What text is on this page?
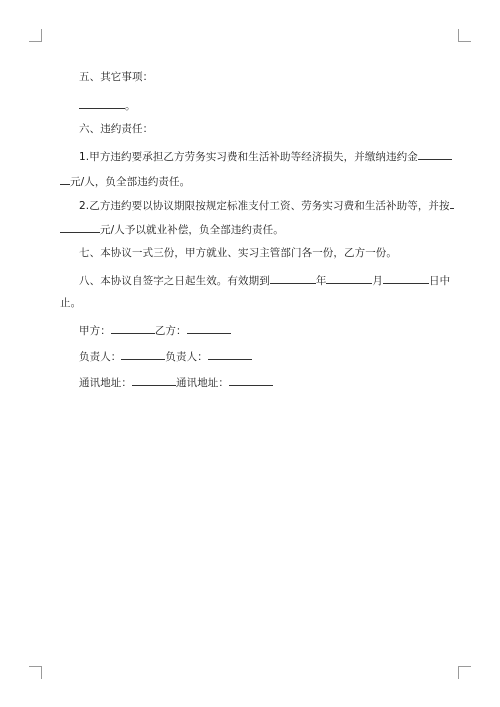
五、其它事项：
。
六、违约责任：
1.甲方违约要承担乙方劳务实习费和生活补助等经济损失，并缴纳违约金
元/人，负全部违约责任。
2.乙方违约要以协议期限按规定标准支付工资、劳务实习费和生活补助等，并按
元/人予以就业补偿，负全部违约责任。
七、本协议一式三份，甲方就业、实习主管部门各一份，乙方一份。
八、本协议自签字之日起生效。有效期到	年	月	日中
止。
甲方：	乙方：
负责人：	负责人：
通讯地址：	通讯地址：
